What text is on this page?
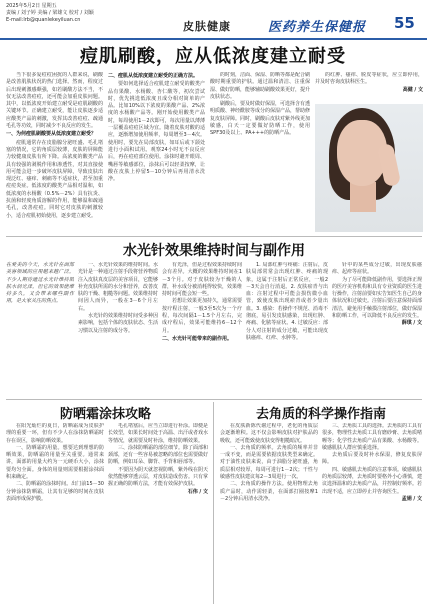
2025年5月2日 星期五
责编 / 刘子婷 美编 / 梁雄文 校对 / 刘颖
E-mail:lrb@quanlekeyiluan.cn	皮肤健康	医药养生保健报 55
痘肌刷酸，应从低浓度建立耐受

当下很多爱痘痘困扰的人群来说，刷酸是改善肌肤状况的热门选择。然而，程度过后出现刺激感颇强，如若刷酸方法不当，不仅无法改善痘痘，还可能会加重皮肤问题。其中，以低浓度开始建立耐受是痘肌刷酸的关键环节。正确建立耐受，能让皮肤逐步适应酸类产品的刺激，发挥其改善痘痘、疏通毛孔等功效，同时减少不良反应的发生。

一、为何痘肌刷酸要从低浓度建立耐受？

痘肌通常存在皮脂腺分泌旺盛、毛孔堵塞的情况，它的角质层较薄，皮肤的屏障能力较健康皮肤有所下降。高浓度的酸类产品具有较强的剥脱作用和渗透性，对其直接使用可能会进一步破坏皮肤屏障，导致皮肤出现泛红、瘙痒、刺痛等不适症状，甚至加重痘痘炎症。低浓度的酸类产品相对温和，如低浓度的水杨酸（0.5%－2%）具有抗炎、抗菌和轻度角质溶解的作用，能够温和疏通毛孔，改善痘痘。同时它对皮肤的刺激较小，适合痘肌初始使用，逐步建立耐受。

二、痘肌从低浓度建立耐受的正确方法。

要如何选择适合痘肌建立耐受的酸类产品有果酸、水杨酸、杏仁酸等，初次尝试时，优先挑选低浓度且成分相对简单的产品。比如10%以下浓度的果酸产品、2%浓度的水杨酸产品等。刚开始使用酸类产品时，每周使用1－2次即可，每次用量以薄薄一层覆盖痘痘区域为宜。随着皮肤对酸的适应，逐渐增加使用频率，每周增至3－4次。使用时，要先在局部皮肤，如耳后或下颌处进行小面积试用。观察24小时无不良反应后，再在痘痘部位使用。涂抹时避开眼周、嘴唇等敏感部位，涂抹后可以轻柔按摩，让酸在皮肤上停留5－10分钟后再用清水洗净。

的时刻，洁面、保湿、防晒等都是配合刷酸时期重要的护肤。通过温和清洁、注重保湿、做好防晒，能够辅助刷酸效果更好，提升皮肤状态。

刷酸后，要及时做好保湿，可选择含有透明质酸、神经酰胺等成分的保湿产品，帮助修复皮肤屏障。同时，刷酸后皮肤对紫外线更加敏感，白天一定要做好防晒工作，使用SPF30及以上、PA+++的防晒产品。

的红肿、瘙痒、脱皮等症状，应立即停用，并及时咨询皮肤科医生。

高健 / 文

水光针效果维持时间与副作用
在爱美的今天，水光针在面部美容领域的应用越来越广泛。不少人期待通过水光针维持肌肤水润光泽，但它的效果能维持多久，又会带来哪些副作用，是大家关注的焦点。

一、水光针效果的维持时间。水光针是一种通过注射手段将营养物质注入皮肤真皮层的美容项目，它能够补充皮肤所需的水分和营养，改善皮肤的干燥、粗糙等问题。效果维持时间因人而异，一般在3－6个月左右。

水光针的效果维持时间受多种因素影响，包括个体的皮肤状态、生活习惯以及注射的成分等。

有光泽，但是过程效果持续时间会有差异。大概的效果维持时间在1－3个月。对于皮肤较为干燥的人群，补水成分被消耗得较快，效果维持时间可能会短一些。

若想让效果更加持久，通常需要按疗程注射，一般3至5次为一个疗程，每次间隔1－1.5个月左右，完成疗程后，效果可能维持6－12个月。

二、水光针可能带来的副作用。

1. 局部红肿与疼痛：注射后，皮肤局部常常会出现红肿、疼痛的现象，这属于注射后正常反应，一般2－3天会自行消退。2. 皮肤瘀青与出血：注射过程中可能会损伤微小血管，致使皮肤出现瘀青或者少量出血。3. 感染：若操作不规范、消毒不彻底，易引发皮肤感染，出现红肿、疼痛、化脓等症状。4. 过敏反应：部分人对注射的成分过敏，可能出现皮肤瘙痒、红疹、水肿等。

针中的某些成分过敏，出现皮肤瘙痒、起疹等症状。

为了尽可能降低副作用，要选择正规的医疗美容机构和具有专业资质的医生进行操作，注射前要如实告知医生自己的身体状况和过敏史。注射后要注意保持面部清洁，避免用手触摸注射部位，做好保湿和防晒工作，可以降低不良反应的发生。

薛琪 / 文

防晒霜涂抹攻略

在阳光灿烂的夏日，防晒霜成为皮肤护理的重要一环，但有不少人在涂抹防晒霜时存在误区，影响防晒效果。

一、防晒霜的用量。想要达到理想的防晒效果，防晒霜的用量至关重要。通常来讲，面部的用量大约为一元硬币大小，涂抹要均匀全面。身体的用量则需要根据涂抹面积来确定。

二、防晒霜的涂抹时间。出门前15－30分钟涂抹防晒霜，让其有足够的时间在皮肤表面形成保护膜。

毛孔堵塞后，应当立即进行补涂。即便是长效型，如果长时间处于高温、出汗或者戏水等情况，就需要及时补涂，维持防晒效果。

三、涂抹防晒霜的部位细节。除了面部和颈部，还有一些容易被忽略的部位也需要做好防晒，例如耳朵、脚背、手背和唇部等。

不要因为阴天就忽视防晒，紫外线在阴天依然能够穿透云层，对皮肤造成伤害。只有掌握正确的防晒方法，才能有效保护皮肤。

石伟 / 文

去角质的科学操作指南

在皮肤新陈代谢过程中，老化的角质层会逐渐堆积。这不仅会影响皮肤对护肤品的吸收，还可能致使皮肤变得粗糙暗沉。

一、去角质的频率。去角质的频率并非一成不变，而是需要依据皮肤类型来确定。对于油性皮肤来说，由于油脂分泌旺盛，角质层相对较厚，每周可进行1－2次；干性与敏感性皮肤建议每2－3周进行一次。

二、去角质的操作方法。使用物理去角质产品时，动作需轻柔，在面部打圈按摩1－2分钟后用清水洗净。

三、去角质工具的选择。去角质的工具有很多，物理性去角质工具有磨砂膏、去角质啫喱等；化学性去角质产品有果酸、水杨酸等。敏感肌肤人群应慎重选择。

去角质后要及时补水保湿，修复皮肤屏障。

四、敏感肌去角质的注意事项。敏感肌肤的角质层较薄，去角质时要格外小心谨慎，建议选择温和的去角质产品，并控制好频率。若出现不适，应立即停止并咨询医生。

孟娟 / 文
